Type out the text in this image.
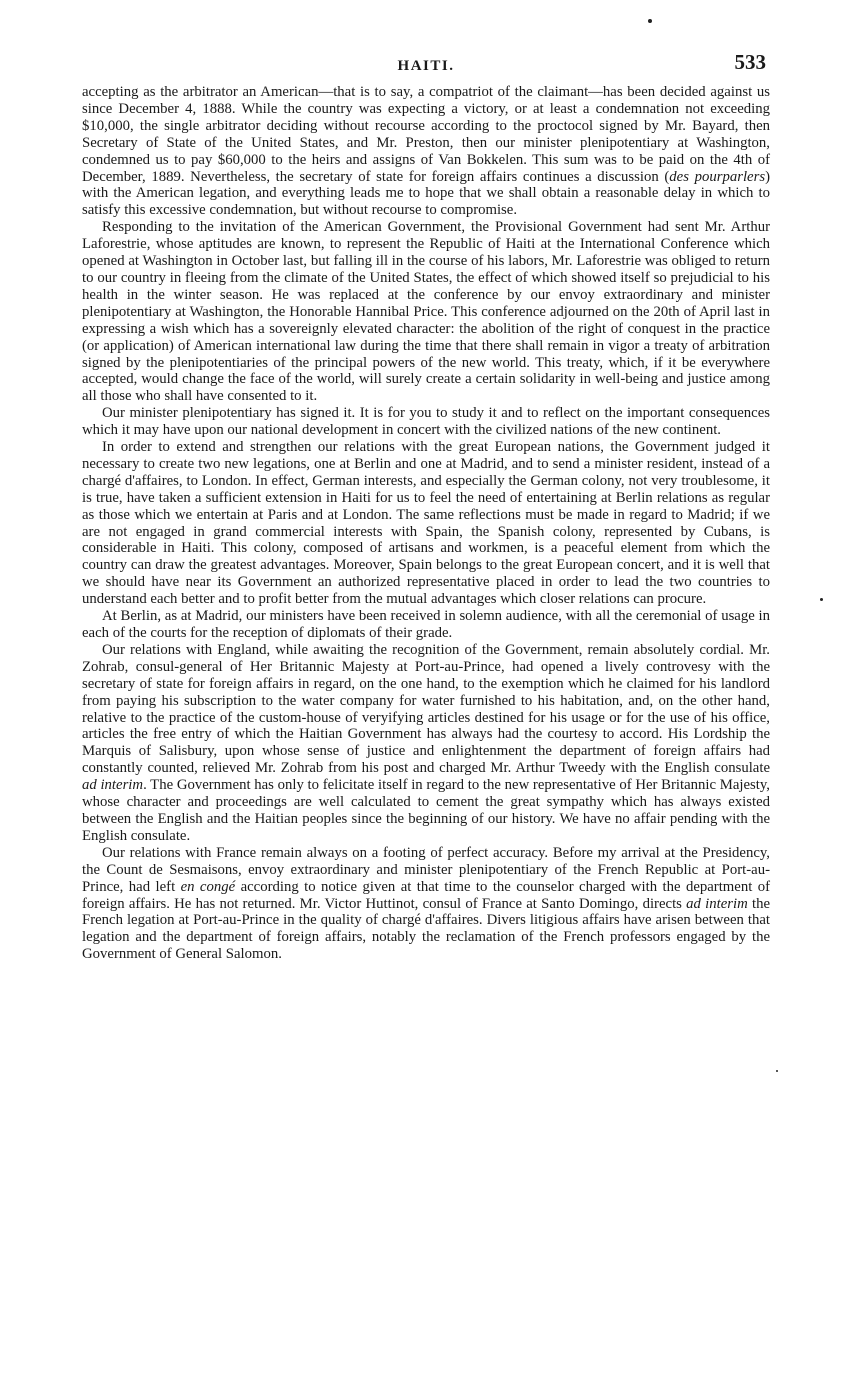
HAITI.	533

accepting as the arbitrator an American—that is to say, a compatriot of the claimant—has been decided against us since December 4, 1888. While the country was expecting a victory, or at least a condemnation not exceeding $10,000, the single arbitrator deciding without recourse according to the proctocol signed by Mr. Bayard, then Secretary of State of the United States, and Mr. Preston, then our minister plenipotentiary at Washington, condemned us to pay $60,000 to the heirs and assigns of Van Bokkelen. This sum was to be paid on the 4th of December, 1889. Nevertheless, the secretary of state for foreign affairs continues a discussion (des pourparlers) with the American legation, and everything leads me to hope that we shall obtain a reasonable delay in which to satisfy this excessive condemnation, but without recourse to compromise.

Responding to the invitation of the American Government, the Provisional Government had sent Mr. Arthur Laforestrie, whose aptitudes are known, to represent the Republic of Haiti at the International Conference which opened at Washington in October last, but falling ill in the course of his labors, Mr. Laforestrie was obliged to return to our country in fleeing from the climate of the United States, the effect of which showed itself so prejudicial to his health in the winter season. He was replaced at the conference by our envoy extraordinary and minister plenipotentiary at Washington, the Honorable Hannibal Price. This conference adjourned on the 20th of April last in expressing a wish which has a sovereignly elevated character: the abolition of the right of conquest in the practice (or application) of American international law during the time that there shall remain in vigor a treaty of arbitration signed by the plenipotentiaries of the principal powers of the new world. This treaty, which, if it be everywhere accepted, would change the face of the world, will surely create a certain solidarity in well-being and justice among all those who shall have consented to it.

Our minister plenipotentiary has signed it. It is for you to study it and to reflect on the important consequences which it may have upon our national development in concert with the civilized nations of the new continent.

In order to extend and strengthen our relations with the great European nations, the Government judged it necessary to create two new legations, one at Berlin and one at Madrid, and to send a minister resident, instead of a chargé d'affaires, to London. In effect, German interests, and especially the German colony, not very troublesome, it is true, have taken a sufficient extension in Haiti for us to feel the need of entertaining at Berlin relations as regular as those which we entertain at Paris and at London. The same reflections must be made in regard to Madrid; if we are not engaged in grand commercial interests with Spain, the Spanish colony, represented by Cubans, is considerable in Haiti. This colony, composed of artisans and workmen, is a peaceful element from which the country can draw the greatest advantages. Moreover, Spain belongs to the great European concert, and it is well that we should have near its Government an authorized representative placed in order to lead the two countries to understand each better and to profit better from the mutual advantages which closer relations can procure.

At Berlin, as at Madrid, our ministers have been received in solemn audience, with all the ceremonial of usage in each of the courts for the reception of diplomats of their grade.

Our relations with England, while awaiting the recognition of the Government, remain absolutely cordial. Mr. Zohrab, consul-general of Her Britannic Majesty at Port-au-Prince, had opened a lively controvesy with the secretary of state for foreign affairs in regard, on the one hand, to the exemption which he claimed for his landlord from paying his subscription to the water company for water furnished to his habitation, and, on the other hand, relative to the practice of the custom-house of veryifying articles destined for his usage or for the use of his office, articles the free entry of which the Haitian Government has always had the courtesy to accord. His Lordship the Marquis of Salisbury, upon whose sense of justice and enlightenment the department of foreign affairs had constantly counted, relieved Mr. Zohrab from his post and charged Mr. Arthur Tweedy with the English consulate ad interim. The Government has only to felicitate itself in regard to the new representative of Her Britannic Majesty, whose character and proceedings are well calculated to cement the great sympathy which has always existed between the English and the Haitian peoples since the beginning of our history. We have no affair pending with the English consulate.

Our relations with France remain always on a footing of perfect accuracy. Before my arrival at the Presidency, the Count de Sesmaisons, envoy extraordinary and minister plenipotentiary of the French Republic at Port-au-Prince, had left en congé according to notice given at that time to the counselor charged with the department of foreign affairs. He has not returned. Mr. Victor Huttinot, consul of France at Santo Domingo, directs ad interim the French legation at Port-au-Prince in the quality of chargé d'affaires. Divers litigious affairs have arisen between that legation and the department of foreign affairs, notably the reclamation of the French professors engaged by the Government of General Salomon.
